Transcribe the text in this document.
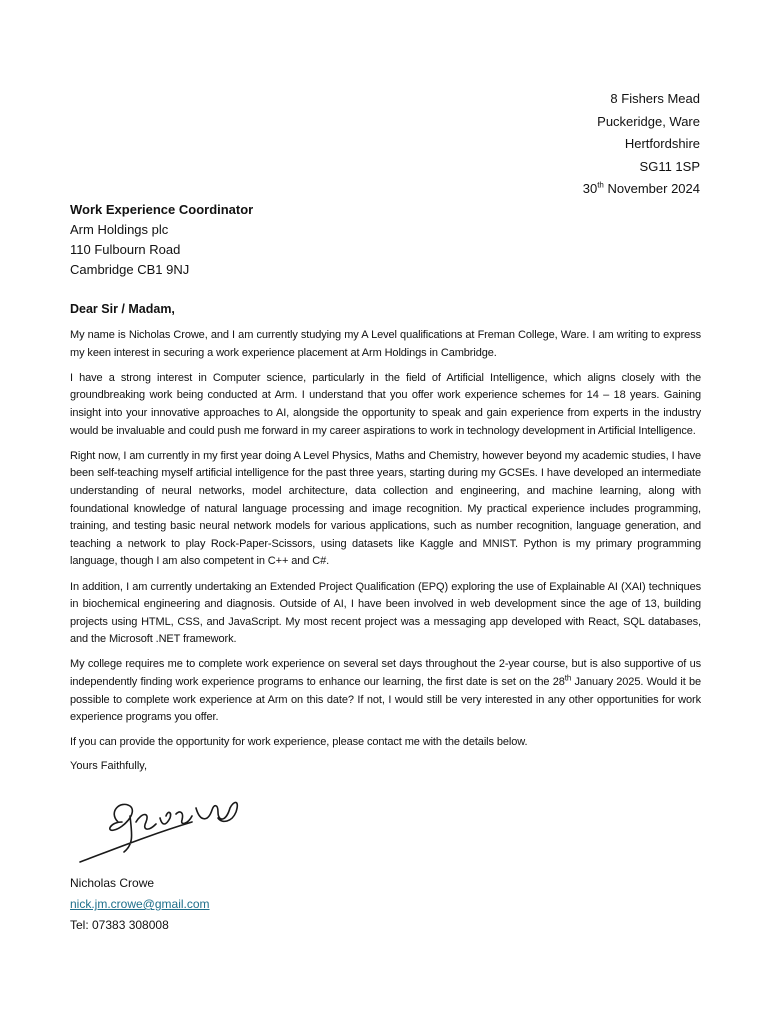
8 Fishers Mead
Puckeridge, Ware
Hertfordshire
SG11 1SP
30th November 2024
Work Experience Coordinator
Arm Holdings plc
110 Fulbourn Road
Cambridge CB1 9NJ
Dear Sir / Madam,

My name is Nicholas Crowe, and I am currently studying my A Level qualifications at Freman College, Ware. I am writing to express my keen interest in securing a work experience placement at Arm Holdings in Cambridge.

I have a strong interest in Computer science, particularly in the field of Artificial Intelligence, which aligns closely with the groundbreaking work being conducted at Arm. I understand that you offer work experience schemes for 14 – 18 years. Gaining insight into your innovative approaches to AI, alongside the opportunity to speak and gain experience from experts in the industry would be invaluable and could push me forward in my career aspirations to work in technology development in Artificial Intelligence.

Right now, I am currently in my first year doing A Level Physics, Maths and Chemistry, however beyond my academic studies, I have been self-teaching myself artificial intelligence for the past three years, starting during my GCSEs. I have developed an intermediate understanding of neural networks, model architecture, data collection and engineering, and machine learning, along with foundational knowledge of natural language processing and image recognition. My practical experience includes programming, training, and testing basic neural network models for various applications, such as number recognition, language generation, and teaching a network to play Rock-Paper-Scissors, using datasets like Kaggle and MNIST. Python is my primary programming language, though I am also competent in C++ and C#.

In addition, I am currently undertaking an Extended Project Qualification (EPQ) exploring the use of Explainable AI (XAI) techniques in biochemical engineering and diagnosis. Outside of AI, I have been involved in web development since the age of 13, building projects using HTML, CSS, and JavaScript. My most recent project was a messaging app developed with React, SQL databases, and the Microsoft .NET framework.

My college requires me to complete work experience on several set days throughout the 2-year course, but is also supportive of us independently finding work experience programs to enhance our learning, the first date is set on the 28th January 2025. Would it be possible to complete work experience at Arm on this date? If not, I would still be very interested in any other opportunities for work experience programs you offer.

If you can provide the opportunity for work experience, please contact me with the details below.

Yours Faithfully,
Nicholas Crowe
nick.jm.crowe@gmail.com
Tel: 07383 308008
